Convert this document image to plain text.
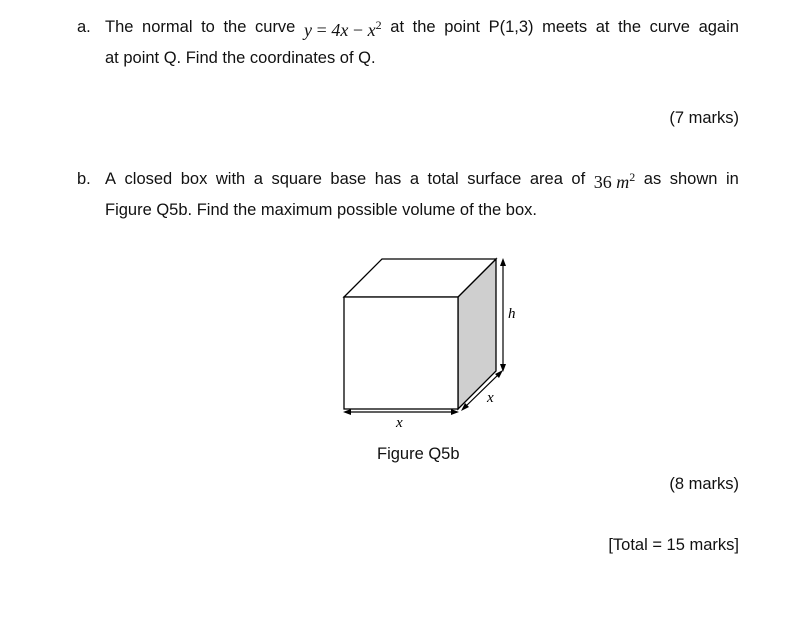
a. The normal to the curve $y = 4x - x^2$ at the point P(1,3) meets at the curve again
at point Q. Find the coordinates of Q.
(7 marks)
b. A closed box with a square base has a total surface area of 36 $m^2$ as shown in
Figure Q5b. Find the maximum possible volume of the box.
x
x
h
Figure Q5b
(8 marks)
[Total = 15 marks]
